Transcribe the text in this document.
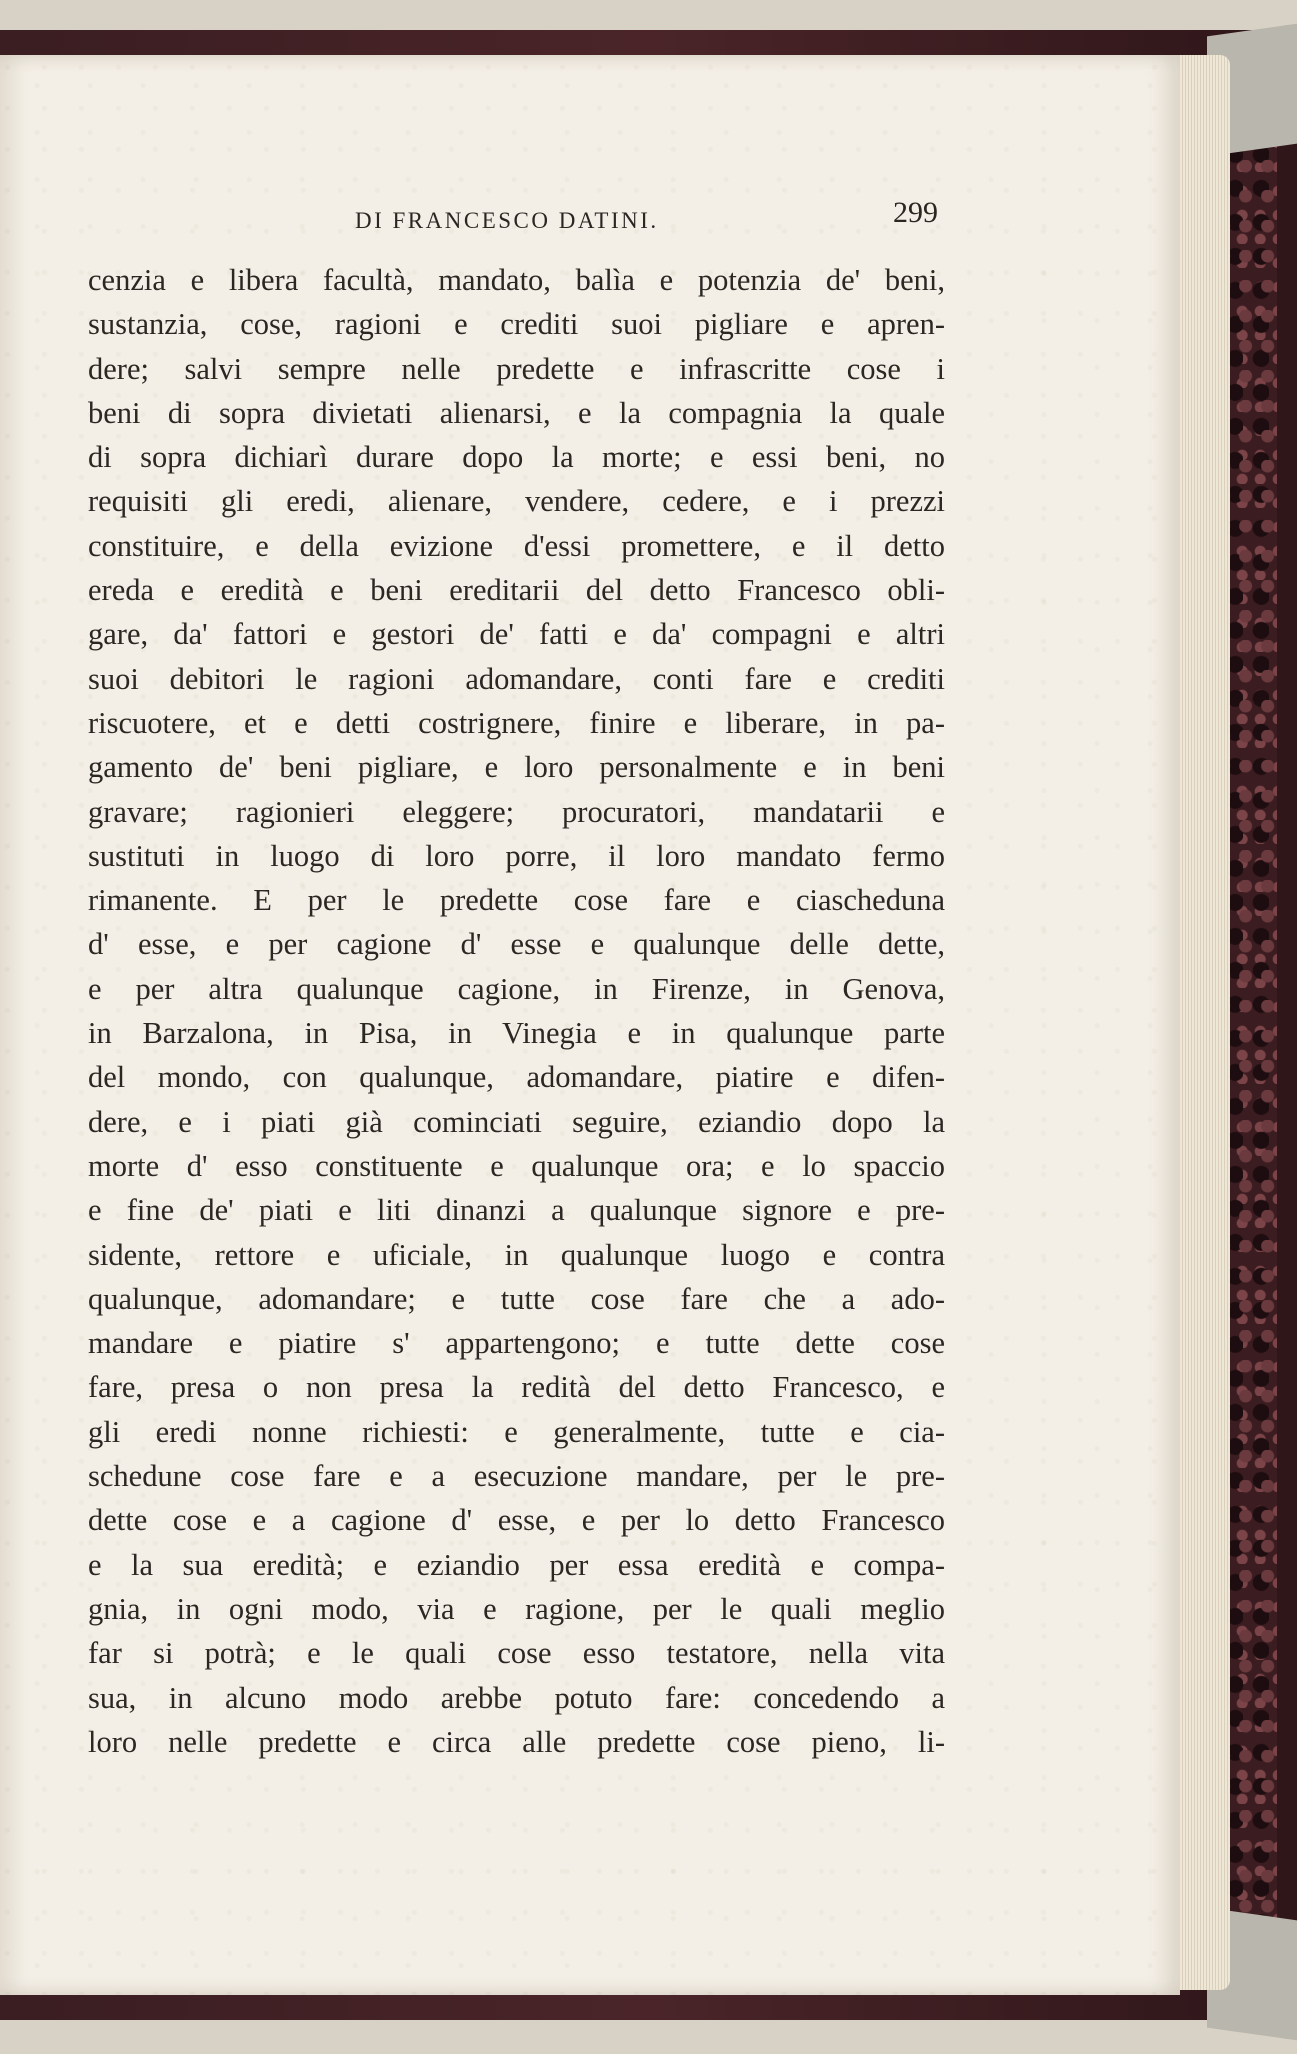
DI FRANCESCO DATINI.	299
cenzia e libera facultà, mandato, balìa e potenzia de' beni,
sustanzia, cose, ragioni e crediti suoi pigliare e apren-
dere; salvi sempre nelle predette e infrascritte cose i
beni di sopra divietati alienarsi, e la compagnia la quale
di sopra dichiarì durare dopo la morte; e essi beni, no
requisiti gli eredi, alienare, vendere, cedere, e i prezzi
constituire, e della evizione d'essi promettere, e il detto
ereda e eredità e beni ereditarii del detto Francesco obli-
gare, da' fattori e gestori de' fatti e da' compagni e altri
suoi debitori le ragioni adomandare, conti fare e crediti
riscuotere, et e detti costrignere, finire e liberare, in pa-
gamento de' beni pigliare, e loro personalmente e in beni
gravare; ragionieri eleggere; procuratori, mandatarii e
sustituti in luogo di loro porre, il loro mandato fermo
rimanente. E per le predette cose fare e ciascheduna
d' esse, e per cagione d' esse e qualunque delle dette,
e per altra qualunque cagione, in Firenze, in Genova,
in Barzalona, in Pisa, in Vinegia e in qualunque parte
del mondo, con qualunque, adomandare, piatire e difen-
dere, e i piati già cominciati seguire, eziandio dopo la
morte d' esso constituente e qualunque ora; e lo spaccio
e fine de' piati e liti dinanzi a qualunque signore e pre-
sidente, rettore e uficiale, in qualunque luogo e contra
qualunque, adomandare; e tutte cose fare che a ado-
mandare e piatire s' appartengono; e tutte dette cose
fare, presa o non presa la redità del detto Francesco, e
gli eredi nonne richiesti: e generalmente, tutte e cia-
schedune cose fare e a esecuzione mandare, per le pre-
dette cose e a cagione d' esse, e per lo detto Francesco
e la sua eredità; e eziandio per essa eredità e compa-
gnia, in ogni modo, via e ragione, per le quali meglio
far si potrà; e le quali cose esso testatore, nella vita
sua, in alcuno modo arebbe potuto fare: concedendo a
loro nelle predette e circa alle predette cose pieno, li-
